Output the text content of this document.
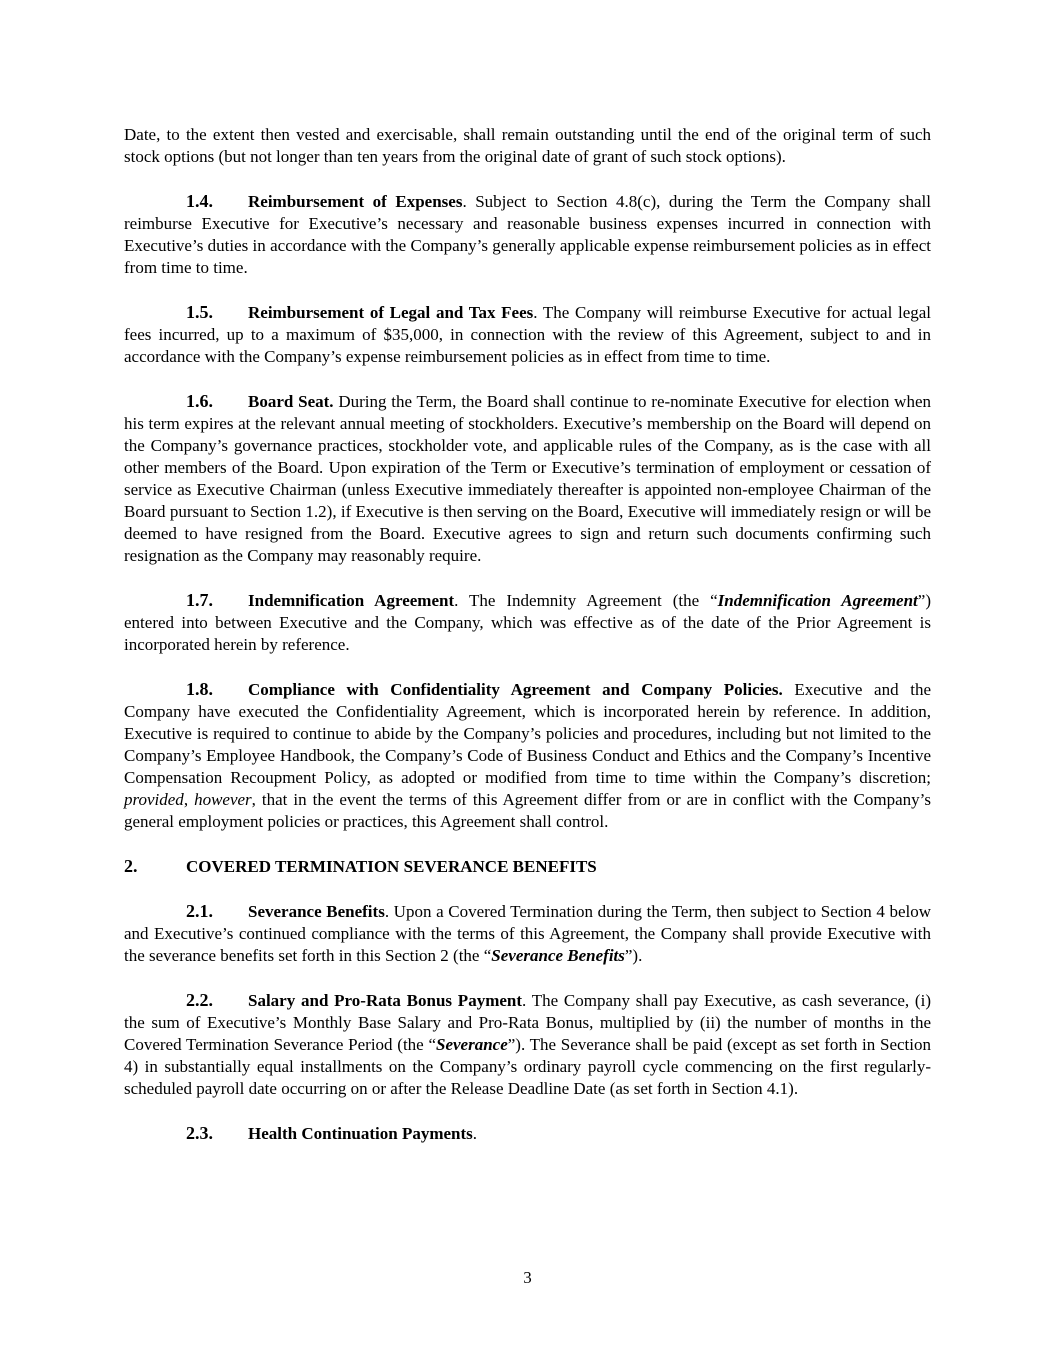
Date, to the extent then vested and exercisable, shall remain outstanding until the end of the original term of such stock options (but not longer than ten years from the original date of grant of such stock options).

1.4. Reimbursement of Expenses. Subject to Section 4.8(c), during the Term the Company shall reimburse Executive for Executive’s necessary and reasonable business expenses incurred in connection with Executive’s duties in accordance with the Company’s generally applicable expense reimbursement policies as in effect from time to time.

1.5. Reimbursement of Legal and Tax Fees. The Company will reimburse Executive for actual legal fees incurred, up to a maximum of $35,000, in connection with the review of this Agreement, subject to and in accordance with the Company’s expense reimbursement policies as in effect from time to time.

1.6. Board Seat. During the Term, the Board shall continue to re-nominate Executive for election when his term expires at the relevant annual meeting of stockholders. Executive’s membership on the Board will depend on the Company’s governance practices, stockholder vote, and applicable rules of the Company, as is the case with all other members of the Board. Upon expiration of the Term or Executive’s termination of employment or cessation of service as Executive Chairman (unless Executive immediately thereafter is appointed non-employee Chairman of the Board pursuant to Section 1.2), if Executive is then serving on the Board, Executive will immediately resign or will be deemed to have resigned from the Board. Executive agrees to sign and return such documents confirming such resignation as the Company may reasonably require.

1.7. Indemnification Agreement. The Indemnity Agreement (the “Indemnification Agreement”) entered into between Executive and the Company, which was effective as of the date of the Prior Agreement is incorporated herein by reference.

1.8. Compliance with Confidentiality Agreement and Company Policies. Executive and the Company have executed the Confidentiality Agreement, which is incorporated herein by reference. In addition, Executive is required to continue to abide by the Company’s policies and procedures, including but not limited to the Company’s Employee Handbook, the Company’s Code of Business Conduct and Ethics and the Company’s Incentive Compensation Recoupment Policy, as adopted or modified from time to time within the Company’s discretion; provided, however, that in the event the terms of this Agreement differ from or are in conflict with the Company’s general employment policies or practices, this Agreement shall control.

2.	COVERED TERMINATION SEVERANCE BENEFITS

2.1. Severance Benefits. Upon a Covered Termination during the Term, then subject to Section 4 below and Executive’s continued compliance with the terms of this Agreement, the Company shall provide Executive with the severance benefits set forth in this Section 2 (the “Severance Benefits”).

2.2. Salary and Pro-Rata Bonus Payment. The Company shall pay Executive, as cash severance, (i) the sum of Executive’s Monthly Base Salary and Pro-Rata Bonus, multiplied by (ii) the number of months in the Covered Termination Severance Period (the “Severance”). The Severance shall be paid (except as set forth in Section 4) in substantially equal installments on the Company’s ordinary payroll cycle commencing on the first regularly-scheduled payroll date occurring on or after the Release Deadline Date (as set forth in Section 4.1).

2.3. Health Continuation Payments.

3
